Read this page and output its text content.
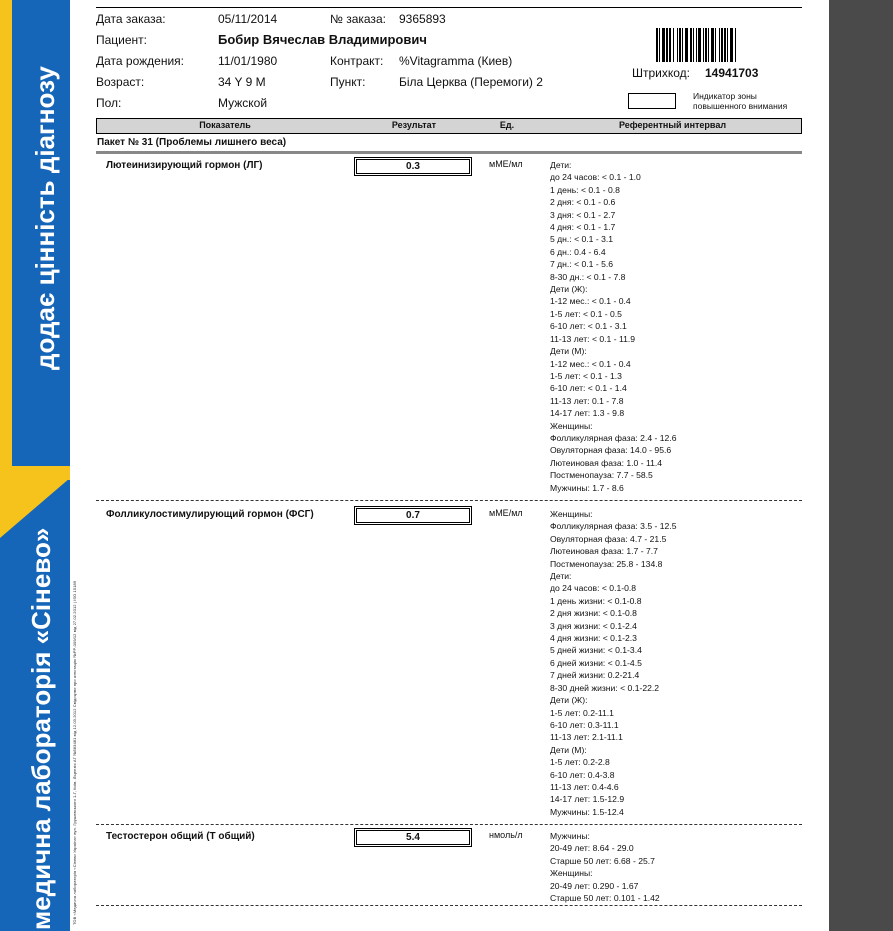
додає цінність діагнозу
медична лабораторія «Сінево»	ТОВ «Медична лабораторія «Сінево Україна» вул. Грушевського 1-Г, Київ. Ліцензія АГ №583481 від 12.03.2012 Свідоцтво про атестацію №РР-009/12 від 27.02.2012 | ISO 15189
Дата заказа:	05/11/2014	№ заказа: 9365893
Пациент:	Бобир Вячеслав Владимирович
Дата рождения:	11/01/1980	Контракт: %Vitagramma (Киев)
Возраст:	34 Y 9 M	Пункт:	Біла Церква (Перемоги) 2
Пол:	Мужской
Штрихкод: 14941703
Индикатор зоны повышенного внимания
Показатель	Результат	Ед.	Референтный интервал
Пакет № 31 (Проблемы лишнего веса)
Лютеинизирующий гормон (ЛГ)	0.3	мМЕ/мл	Дети:
до 24 часов: < 0.1 - 1.0
1 день: < 0.1 - 0.8
2 дня: < 0.1 - 0.6
3 дня: < 0.1 - 2.7
4 дня: < 0.1 - 1.7
5 дн.: < 0.1 - 3.1
6 дн.: 0.4 - 6.4
7 дн.: < 0.1 - 5.6
8-30 дн.: < 0.1 - 7.8
Дети (Ж):
1-12 мес.: < 0.1 - 0.4
1-5 лет: < 0.1 - 0.5
6-10 лет: < 0.1 - 3.1
11-13 лет: < 0.1 - 11.9
Дети (М):
1-12 мес.: < 0.1 - 0.4
1-5 лет: < 0.1 - 1.3
6-10 лет: < 0.1 - 1.4
11-13 лет: 0.1 - 7.8
14-17 лет: 1.3 - 9.8
Женщины:
Фолликулярная фаза: 2.4 - 12.6
Овуляторная фаза: 14.0 - 95.6
Лютеиновая фаза: 1.0 - 11.4
Постменопауза: 7.7 - 58.5
Мужчины: 1.7 - 8.6
Фолликулостимулирующий гормон (ФСГ)	0.7	мМЕ/мл	Женщины:
Фолликулярная фаза: 3.5 - 12.5
Овуляторная фаза: 4.7 - 21.5
Лютеиновая фаза: 1.7 - 7.7
Постменопауза: 25.8 - 134.8
Дети:
до 24 часов: < 0.1-0.8
1 день жизни: < 0.1-0.8
2 дня жизни: < 0.1-0.8
3 дня жизни: < 0.1-2.4
4 дня жизни: < 0.1-2.3
5 дней жизни: < 0.1-3.4
6 дней жизни: < 0.1-4.5
7 дней жизни: 0.2-21.4
8-30 дней жизни: < 0.1-22.2
Дети (Ж):
1-5 лет: 0.2-11.1
6-10 лет: 0.3-11.1
11-13 лет: 2.1-11.1
Дети (М):
1-5 лет: 0.2-2.8
6-10 лет: 0.4-3.8
11-13 лет: 0.4-4.6
14-17 лет: 1.5-12.9
Мужчины: 1.5-12.4
Тестостерон общий (Т общий)	5.4	нмоль/л	Мужчины:
20-49 лет: 8.64 - 29.0
Старше 50 лет: 6.68 - 25.7
Женщины:
20-49 лет: 0.290 - 1.67
Старше 50 лет: 0.101 - 1.42
